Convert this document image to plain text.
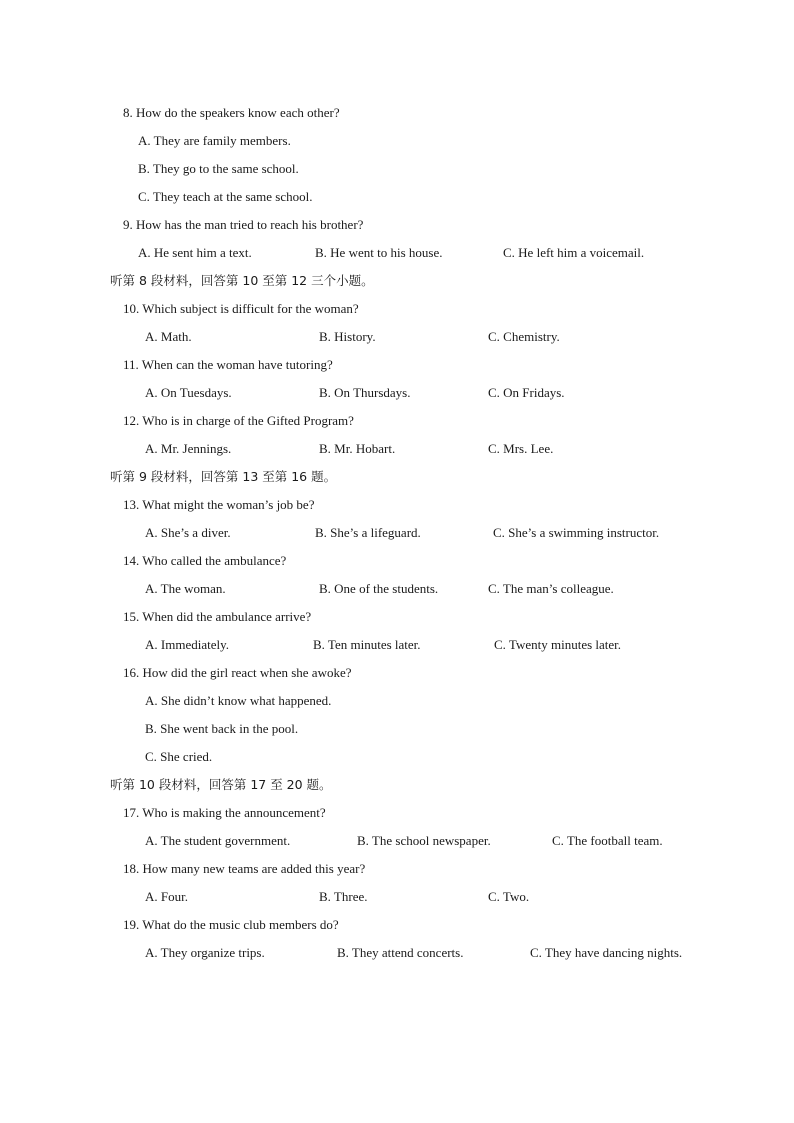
8. How do the speakers know each other?
A. They are family members.
B. They go to the same school.
C. They teach at the same school.
9. How has the man tried to reach his brother?
A. He sent him a text.	B. He went to his house.	C. He left him a voicemail.
听第 8 段材料，回答第 10 至第 12 三个小题。
10. Which subject is difficult for the woman?
A. Math.	B. History.	C. Chemistry.
11. When can the woman have tutoring?
A. On Tuesdays.	B. On Thursdays.	C. On Fridays.
12. Who is in charge of the Gifted Program?
A. Mr. Jennings.	B. Mr. Hobart.	C. Mrs. Lee.
听第 9 段材料，回答第 13 至第 16 题。
13. What might the woman’s job be?
A. She’s a diver.	B. She’s a lifeguard.	C. She’s a swimming instructor.
14. Who called the ambulance?
A. The woman.	B. One of the students.	C. The man’s colleague.
15. When did the ambulance arrive?
A. Immediately.	B. Ten minutes later.	C. Twenty minutes later.
16. How did the girl react when she awoke?
A. She didn’t know what happened.
B. She went back in the pool.
C. She cried.
听第 10 段材料，回答第 17 至 20 题。
17. Who is making the announcement?
A. The student government.	B. The school newspaper.	C. The football team.
18. How many new teams are added this year?
A. Four.	B. Three.	C. Two.
19. What do the music club members do?
A. They organize trips.	B. They attend concerts.	C. They have dancing nights.
